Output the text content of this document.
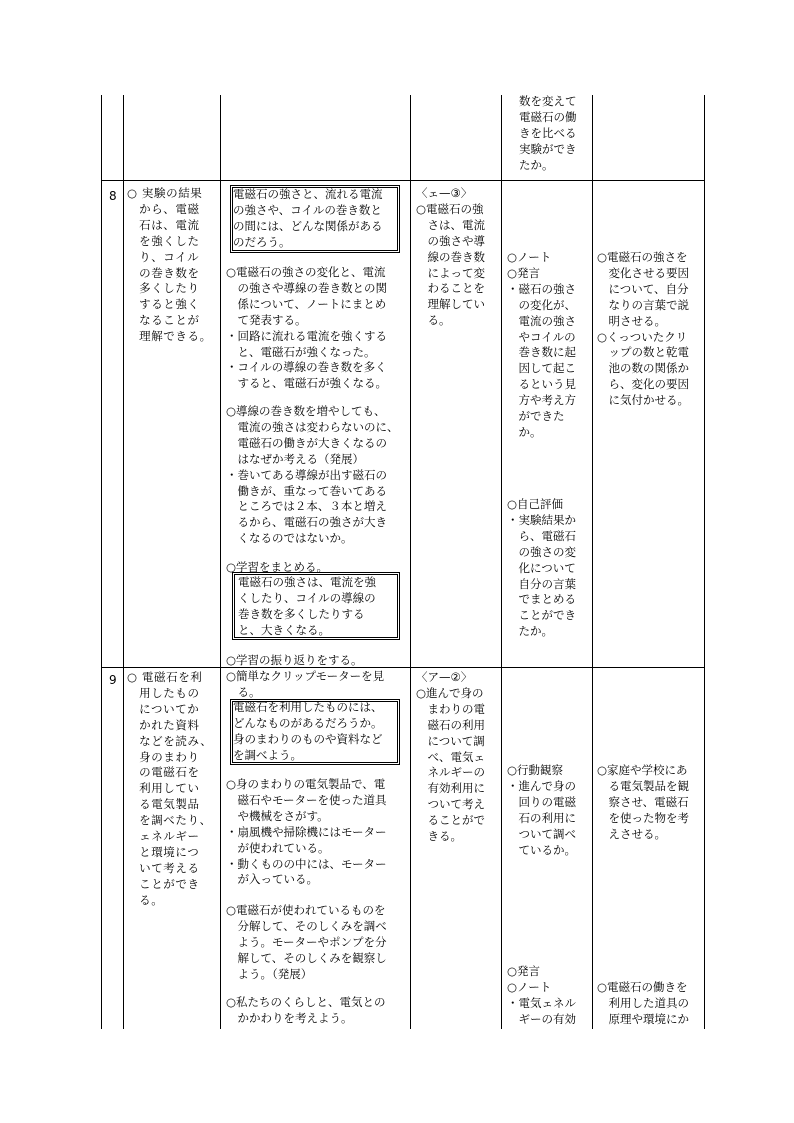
数を変えて
電磁石の働
きを比べる
実験ができ
たか。
8 ○ 実験の結果
　から、電磁
　石は、電流
　を強くした
　り、コイル
　の巻き数を
　多くしたり
　すると強く
　なることが
　理解できる。
電磁石の強さと、流れる電流
の強さや、コイルの巻き数と
の間には、どんな関係がある
のだろう。
○電磁石の強さの変化と、電流
　の強さや導線の巻き数との関
　係について、ノートにまとめ
　て発表する。
・回路に流れる電流を強くする
　と、電磁石が強くなった。
・コイルの導線の巻き数を多く
　すると、電磁石が強くなる。
○導線の巻き数を増やしても、
　電流の強さは変わらないのに、
　電磁石の働きが大きくなるの
　はなぜか考える（発展）
・巻いてある導線が出す磁石の
　働きが、重なって巻いてある
　ところでは２本、３本と増え
　るから、電磁石の強さが大き
　くなるのではないか。
○学習をまとめる。
電磁石の強さは、電流を強
くしたり、コイルの導線の
巻き数を多くしたりする
と、大きくなる。
○学習の振り返りをする。
〈ェ—③〉
○電磁石の強
　さは、電流
　の強さや導
　線の巻き数
　によって変
　わることを
　理解してい
　る。
○ノート
○発言
・磁石の強さ
　の変化が、
　電流の強さ
　やコイルの
　巻き数に起
　因して起こ
　るという見
　方や考え方
　ができた
　か。
○自己評価
・実験結果か
　ら、電磁石
　の強さの変
　化について
　自分の言葉
　でまとめる
　ことができ
　たか。
○電磁石の強さを
　変化させる要因
　について、自分
　なりの言葉で説
　明させる。
○くっついたクリ
　ップの数と乾電
　池の数の関係か
　ら、変化の要因
　に気付かせる。
9 ○ 電磁石を利
　用したもの
　についてか
　かれた資料
　などを読み、
　身のまわり
　の電磁石を
　利用してい
　る電気製品
　を調べたり、
　ェネルギー
　と環境につ
　いて考える
　ことができ
　る。
○簡単なクリップモーターを見
　る。
電磁石を利用したものには、
どんなものがあるだろうか。
身のまわりのものや資料など
を調べよう。
○身のまわりの電気製品で、電
　磁石やモーターを使った道具
　や機械をさがす。
・扇風機や掃除機にはモーター
　が使われている。
・動くものの中には、モーター
　が入っている。
○電磁石が使われているものを
　分解して、そのしくみを調べ
　よう。モーターやポンプを分
　解して、そのしくみを観察し
　よう。（発展）
○私たちのくらしと、電気との
　かかわりを考えよう。
〈ア—②〉
○進んで身の
　まわりの電
　磁石の利用
　について調
　べ、電気ェ
　ネルギーの
　有効利用に
　ついて考え
　ることがで
　きる。
○行動観察
・進んで身の
　回りの電磁
　石の利用に
　ついて調べ
　ているか。
○発言
○ノート
・電気ェネル
　ギーの有効
○家庭や学校にあ
　る電気製品を観
　察させ、電磁石
　を使った物を考
　えさせる。
○電磁石の働きを
　利用した道具の
　原理や環境にか
